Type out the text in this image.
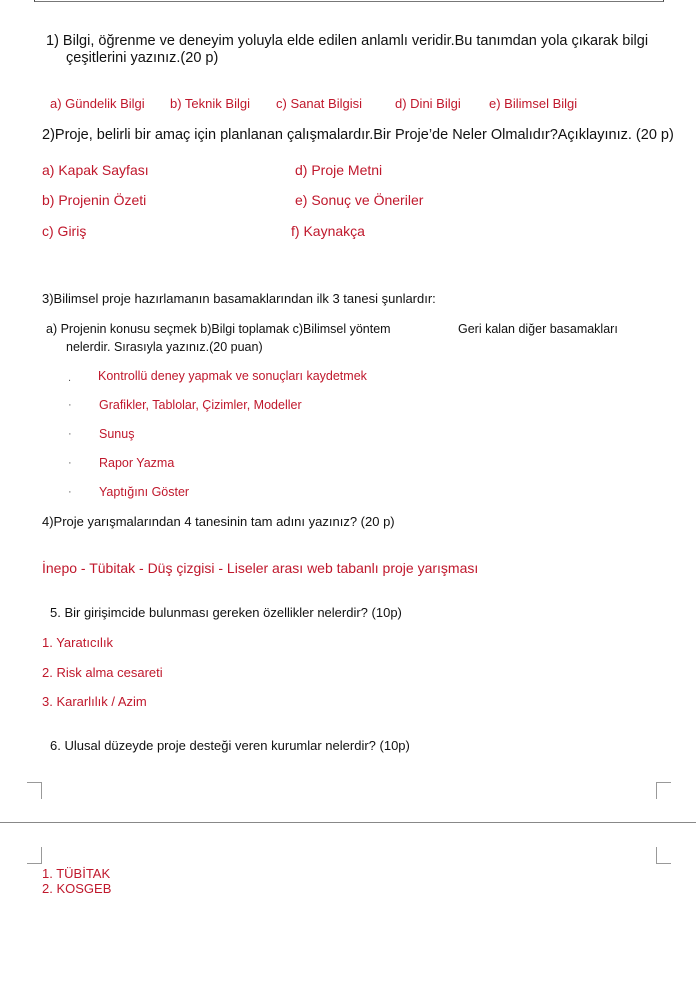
1) Bilgi, öğrenme ve deneyim yoluyla elde edilen anlamlı veridir.Bu tanımdan yola çıkarak bilgi
çeşitlerini yazınız.(20 p)
a) Gündelik Bilgi b) Teknik Bilgi c) Sanat Bilgisi	d) Dini Bilgi e) Bilimsel Bilgi
2)Proje, belirli bir amaç için planlanan çalışmalardır.Bir Proje’de Neler Olmalıdır?Açıklayınız. (20 p)
a) Kapak Sayfası
b) Projenin Özeti
c) Giriş
d) Proje Metni
e) Sonuç ve Öneriler
f) Kaynakça
3)Bilimsel proje hazırlamanın basamaklarından ilk 3 tanesi şunlardır:
a) Projenin konusu seçmek b)Bilgi toplamak c)Bilimsel yöntem	Geri kalan diğer basamakları
nelerdir. Sırasıyla yazınız.(20 puan)
. Kontrollü deney yapmak ve sonuçları kaydetmek
· Grafikler, Tablolar, Çizimler, Modeller
· Sunuş
· Rapor Yazma
· Yaptığını Göster
4)Proje yarışmalarından 4 tanesinin tam adını yazınız? (20 p)
İnepo - Tübitak - Düş çizgisi - Liseler arası web tabanlı proje yarışması
5. Bir girişimcide bulunması gereken özellikler nelerdir? (10p)
1. Yaratıcılık
2. Risk alma cesareti
3. Kararlılık / Azim
6. Ulusal düzeyde proje desteği veren kurumlar nelerdir? (10p)
1. TÜBİTAK
2. KOSGEB
